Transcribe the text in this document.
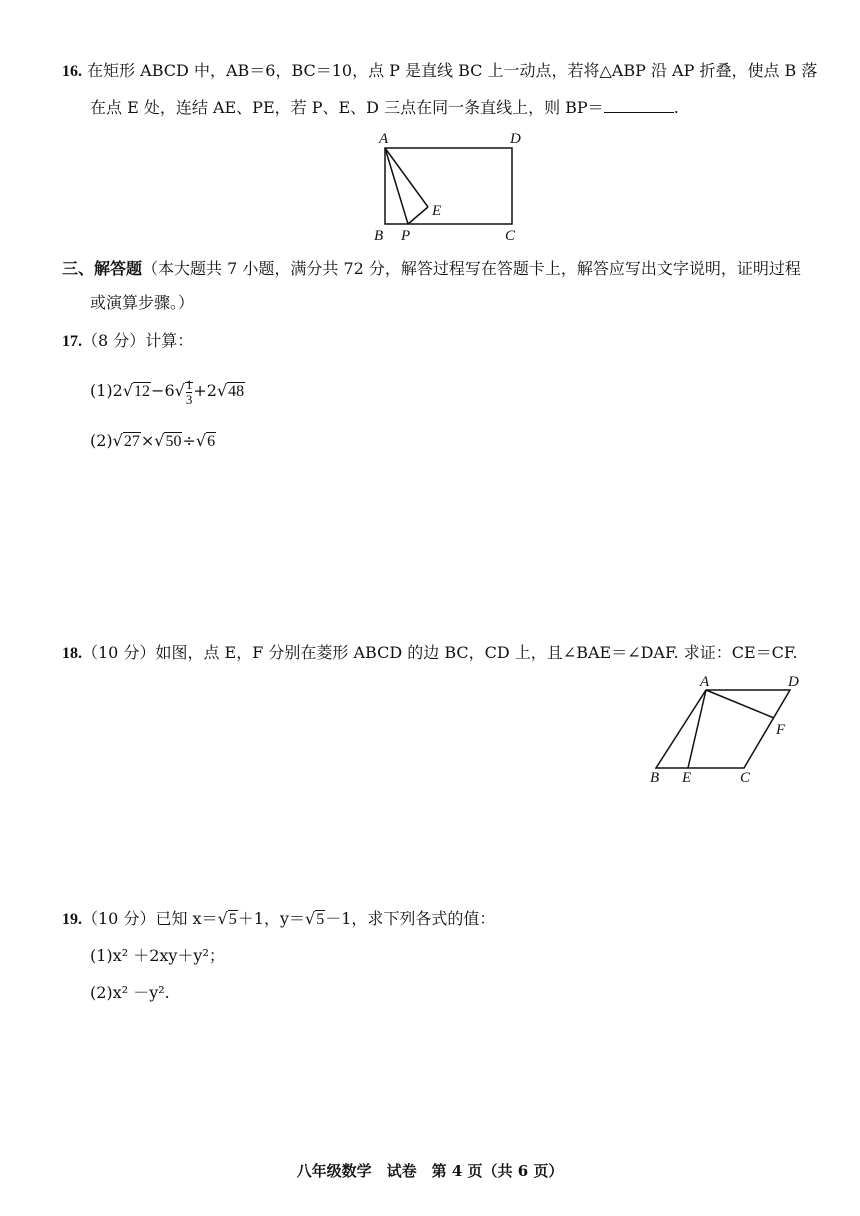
16. 在矩形 ABCD 中，AB＝6，BC＝10，点 P 是直线 BC 上一动点，若将△ABP 沿 AP 折叠，使点 B 落
在点 E 处，连结 AE、PE，若 P、E、D 三点在同一条直线上，则 BP＝	.
A	D
E
B P	C
三、解答题（本大题共 7 小题，满分共 72 分，解答过程写在答题卡上，解答应写出文字说明，证明过程
或演算步骤。）
17.（8 分）计算：
$(1)2√12-6√ \frac{1}{3} +2√48$
(2)√27×√50÷√6
18.（10 分）如图，点 E，F 分别在菱形 ABCD 的边 BC，CD 上，且∠BAE＝∠DAF. 求证：CE＝CF.
A	D
F
B E	C
19.（10 分）已知 x＝√5＋1，y＝√5－1，求下列各式的值：
(1)x² ＋2xy＋y²；
(2)x² －y².
八年级数学　试卷　第 4 页（共 6 页）
